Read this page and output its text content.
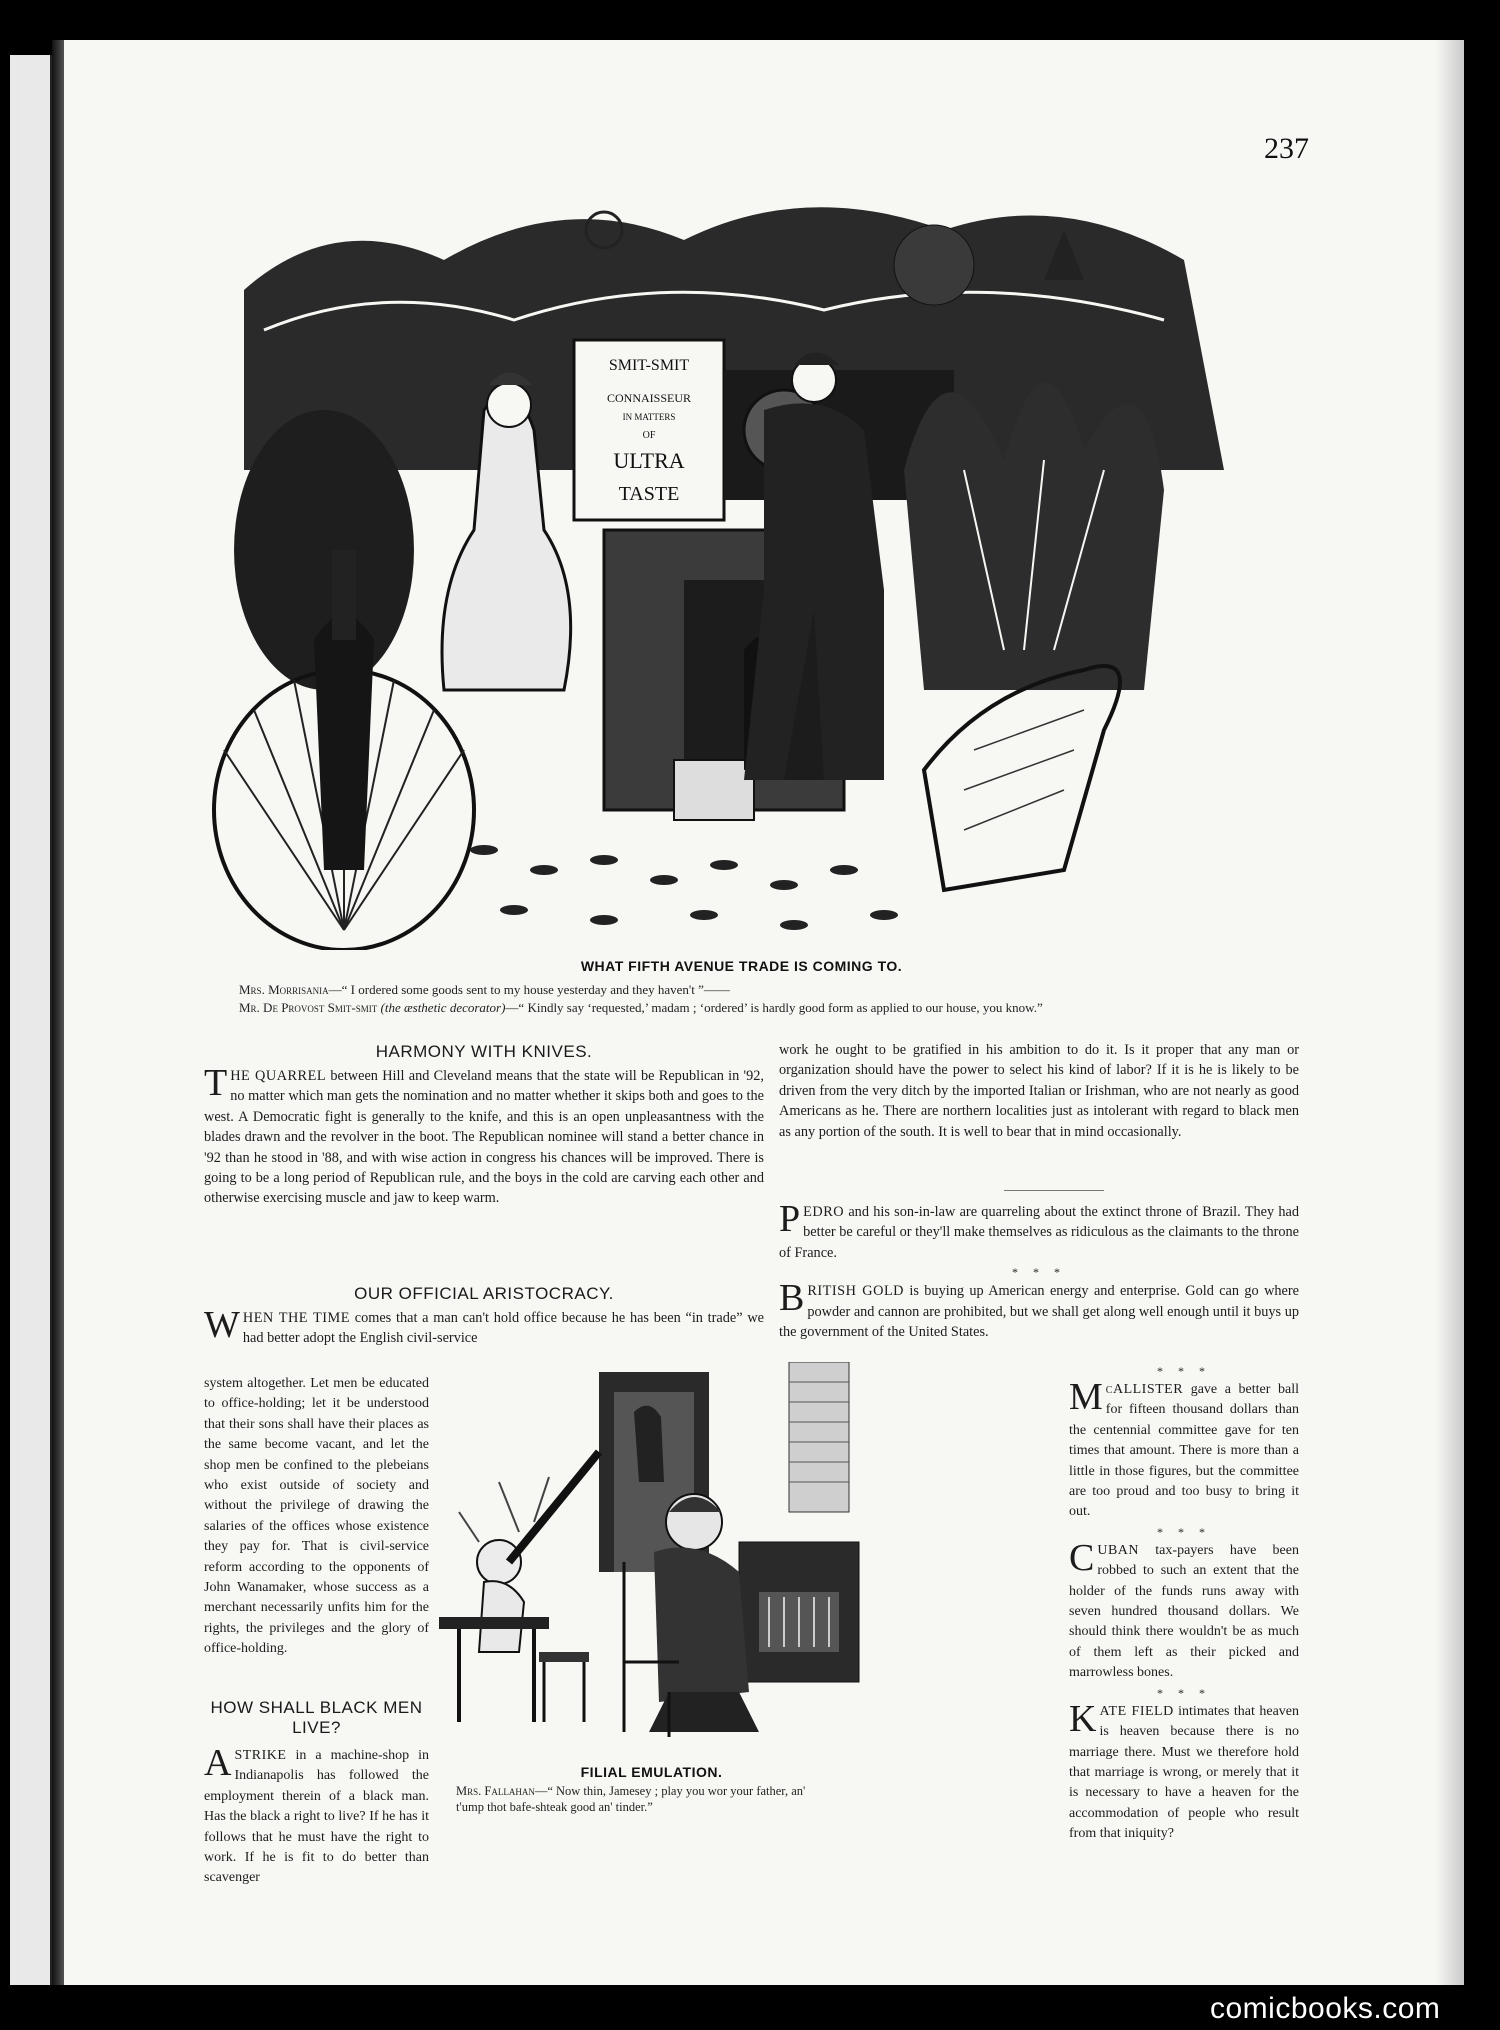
237
SMIT-SMIT
CONNAISSEUR
IN MATTERS
OF
ULTRA
TASTE
WHAT FIFTH AVENUE TRADE IS COMING TO.
Mrs. Morrisania—“ I ordered some goods sent to my house yesterday and they haven't ”——
Mr. De Provost Smit-smit (the æsthetic decorator)—“ Kindly say ‘requested,’ madam ; ‘ordered’ is hardly good form as applied to our house, you know.”
HARMONY WITH KNIVES.

THE QUARREL between Hill and Cleveland means that the state will be Republican in '92, no matter which man gets the nomination and no matter whether it skips both and goes to the west. A Democratic fight is generally to the knife, and this is an open unpleasantness with the blades drawn and the revolver in the boot. The Republican nominee will stand a better chance in '92 than he stood in '88, and with wise action in congress his chances will be improved. There is going to be a long period of Republican rule, and the boys in the cold are carving each other and otherwise exercising muscle and jaw to keep warm.

OUR OFFICIAL ARISTOCRACY.

WHEN THE TIME comes that a man can't hold office because he has been “in trade” we had better adopt the English civil-service

system altogether. Let men be educated to office-holding; let it be understood that their sons shall have their places as the same become vacant, and let the shop men be confined to the plebeians who exist outside of society and without the privilege of drawing the salaries of the offices whose existence they pay for. That is civil-service reform according to the opponents of John Wanamaker, whose success as a merchant necessarily unfits him for the rights, the privileges and the glory of office-holding.

HOW SHALL BLACK MEN LIVE?

ASTRIKE in a machine-shop in Indianapolis has followed the employment therein of a black man. Has the black a right to live? If he has it follows that he must have the right to work. If he is fit to do better than scavenger

work he ought to be gratified in his ambition to do it. Is it proper that any man or organization should have the power to select his kind of labor? If it is he is likely to be driven from the very ditch by the imported Italian or Irishman, who are not nearly as good Americans as he. There are northern localities just as intolerant with regard to black men as any portion of the south. It is well to bear that in mind occasionally.

PEDRO and his son-in-law are quarreling about the extinct throne of Brazil. They had better be careful or they'll make themselves as ridiculous as the claimants to the throne of France.

* * *

BRITISH GOLD is buying up American energy and enterprise. Gold can go where powder and cannon are prohibited, but we shall get along well enough until it buys up the government of the United States.

FILIAL EMULATION.
Mrs. Fallahan—“ Now thin, Jamesey ; play you wor your father, an'
t'ump thot bafe-shteak good an' tinder.”
* * *

McALLISTER gave a better ball for fifteen thousand dollars than the centennial committee gave for ten times that amount. There is more than a little in those figures, but the committee are too proud and too busy to bring it out.

* * *

CUBAN tax-payers have been robbed to such an extent that the holder of the funds runs away with seven hundred thousand dollars. We should think there wouldn't be as much of them left as their picked and marrowless bones.

* * *

KATE FIELD intimates that heaven is heaven because there is no marriage there. Must we therefore hold that marriage is wrong, or merely that it is necessary to have a heaven for the accommodation of people who result from that iniquity?

comicbooks.com
